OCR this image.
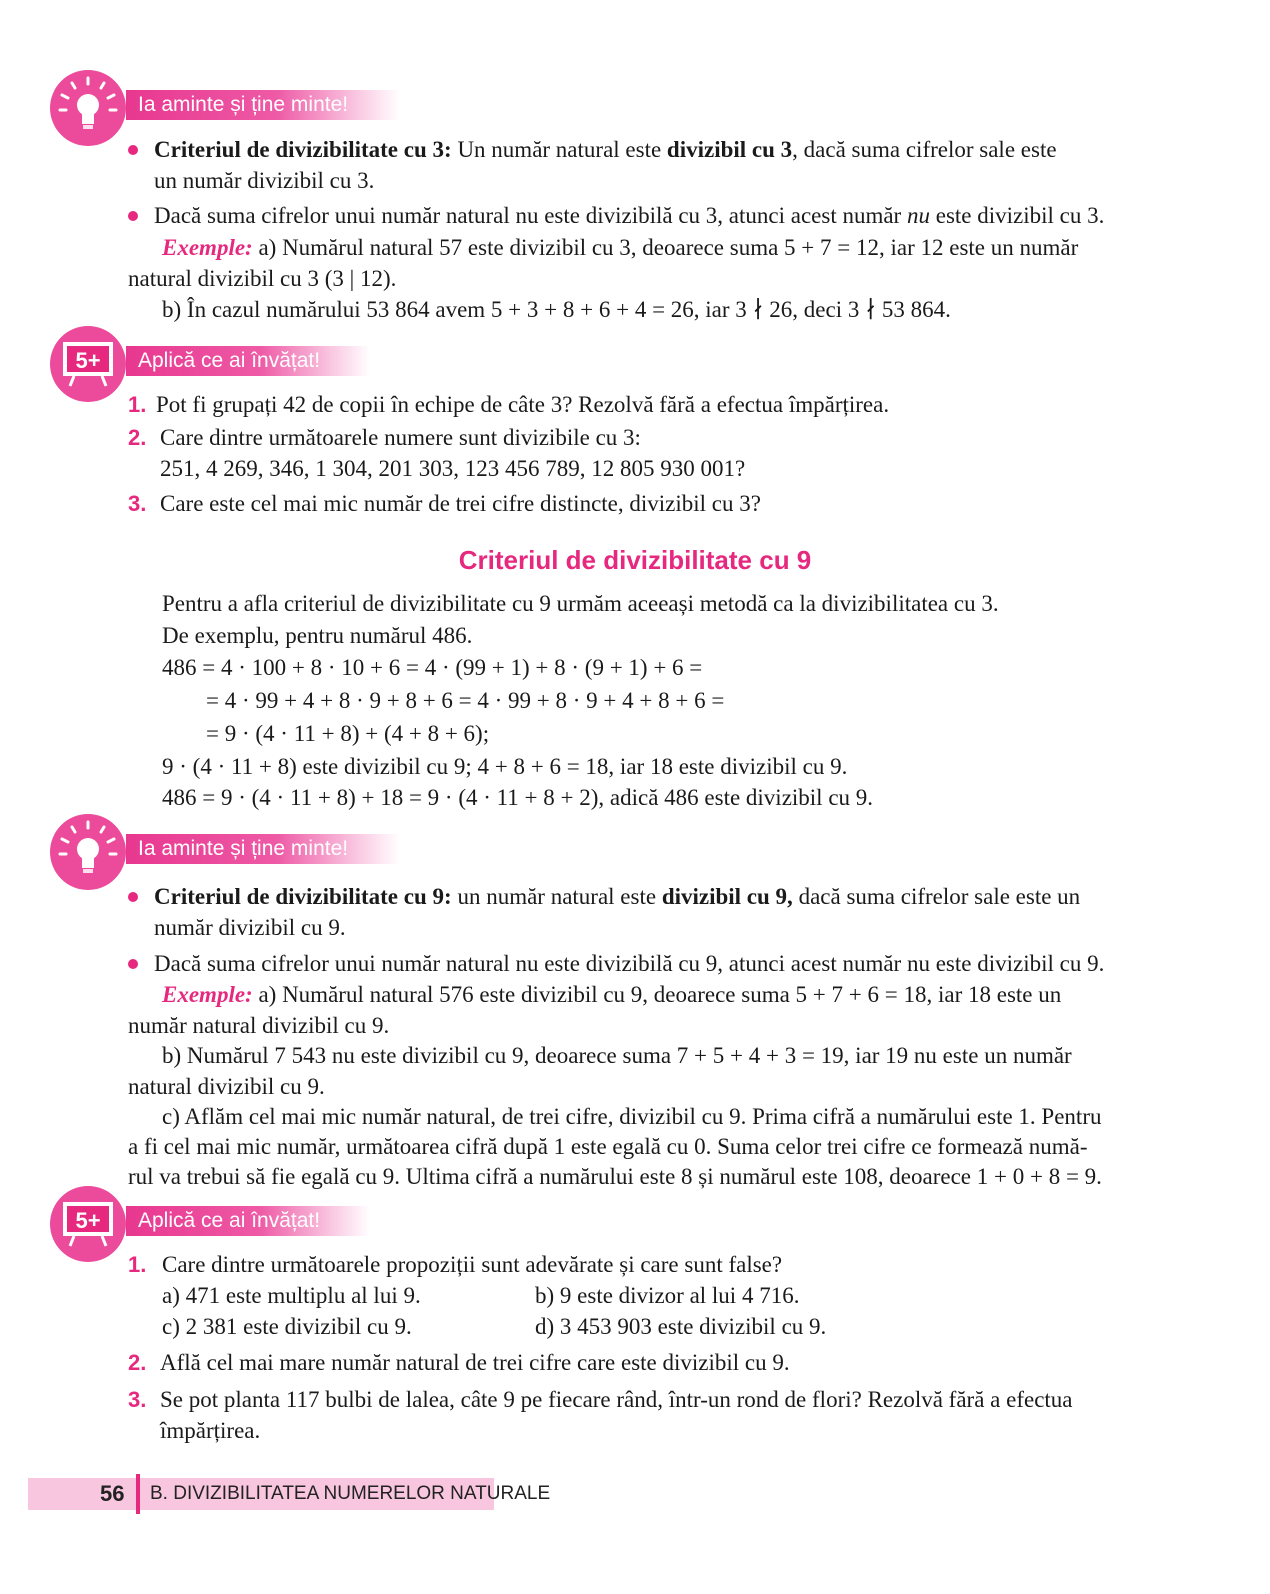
Ia aminte și ține minte!
Criteriul de divizibilitate cu 3: Un număr natural este divizibil cu 3, dacă suma cifrelor sale este
un număr divizibil cu 3.
Dacă suma cifrelor unui număr natural nu este divizibilă cu 3, atunci acest număr nu este divizibil cu 3.
Exemple: a) Numărul natural 57 este divizibil cu 3, deoarece suma 5 + 7 = 12, iar 12 este un număr
natural divizibil cu 3 (3 | 12).
b) În cazul numărului 53 864 avem 5 + 3 + 8 + 6 + 4 = 26, iar 3 ∤ 26, deci 3 ∤ 53 864.
Aplică ce ai învățat!
5+
1. Pot fi grupați 42 de copii în echipe de câte 3? Rezolvă fără a efectua împărțirea.
2. Care dintre următoarele numere sunt divizibile cu 3:
251, 4 269, 346, 1 304, 201 303, 123 456 789, 12 805 930 001?
3. Care este cel mai mic număr de trei cifre distincte, divizibil cu 3?
Criteriul de divizibilitate cu 9
Pentru a afla criteriul de divizibilitate cu 9 urmăm aceeași metodă ca la divizibilitatea cu 3.
De exemplu, pentru numărul 486.
486 = 4 · 100 + 8 · 10 + 6 = 4 · (99 + 1) + 8 · (9 + 1) + 6 =
= 4 · 99 + 4 + 8 · 9 + 8 + 6 = 4 · 99 + 8 · 9 + 4 + 8 + 6 =
= 9 · (4 · 11 + 8) + (4 + 8 + 6);
9 · (4 · 11 + 8) este divizibil cu 9; 4 + 8 + 6 = 18, iar 18 este divizibil cu 9.
486 = 9 · (4 · 11 + 8) + 18 = 9 · (4 · 11 + 8 + 2), adică 486 este divizibil cu 9.
Ia aminte și ține minte!
Criteriul de divizibilitate cu 9: un număr natural este divizibil cu 9, dacă suma cifrelor sale este un
număr divizibil cu 9.
Dacă suma cifrelor unui număr natural nu este divizibilă cu 9, atunci acest număr nu este divizibil cu 9.
Exemple: a) Numărul natural 576 este divizibil cu 9, deoarece suma 5 + 7 + 6 = 18, iar 18 este un
număr natural divizibil cu 9.
b) Numărul 7 543 nu este divizibil cu 9, deoarece suma 7 + 5 + 4 + 3 = 19, iar 19 nu este un număr
natural divizibil cu 9.
c) Aflăm cel mai mic număr natural, de trei cifre, divizibil cu 9. Prima cifră a numărului este 1. Pentru
a fi cel mai mic număr, următoarea cifră după 1 este egală cu 0. Suma celor trei cifre ce formează numă-
rul va trebui să fie egală cu 9. Ultima cifră a numărului este 8 și numărul este 108, deoarece 1 + 0 + 8 = 9.
Aplică ce ai învățat!
5+
1. Care dintre următoarele propoziții sunt adevărate și care sunt false?
a) 471 este multiplu al lui 9.	b) 9 este divizor al lui 4 716.
c) 2 381 este divizibil cu 9.	d) 3 453 903 este divizibil cu 9.
2. Află cel mai mare număr natural de trei cifre care este divizibil cu 9.
3. Se pot planta 117 bulbi de lalea, câte 9 pe fiecare rând, într-un rond de flori? Rezolvă fără a efectua
împărțirea.
56 B. DIVIZIBILITATEA NUMERELOR NATURALE
